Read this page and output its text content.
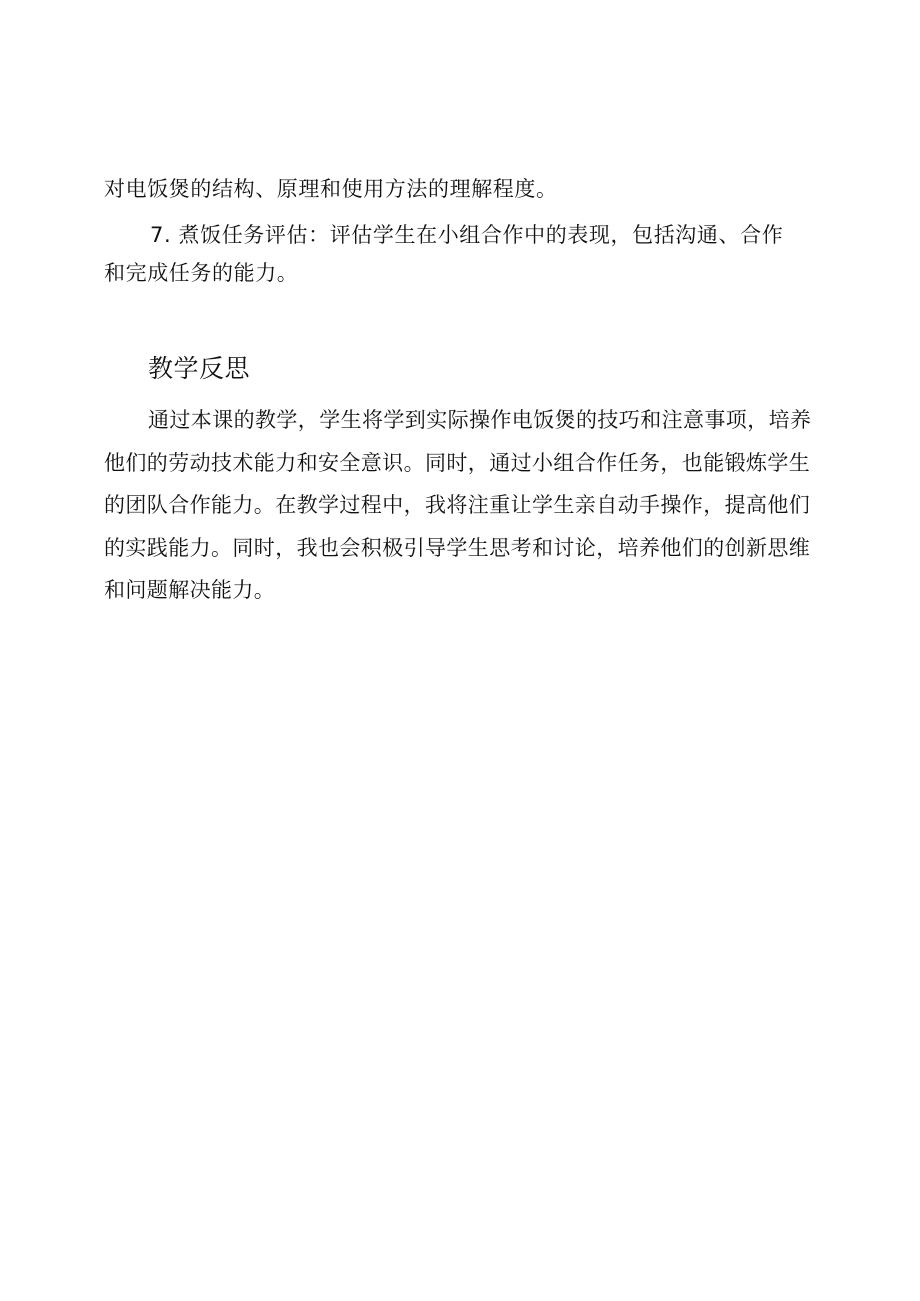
对电饭煲的结构、原理和使用方法的理解程度。

7. 煮饭任务评估：评估学生在小组合作中的表现，包括沟通、合作和完成任务的能力。

教学反思

通过本课的教学，学生将学到实际操作电饭煲的技巧和注意事项，培养他们的劳动技术能力和安全意识。同时，通过小组合作任务，也能锻炼学生的团队合作能力。在教学过程中，我将注重让学生亲自动手操作，提高他们的实践能力。同时，我也会积极引导学生思考和讨论，培养他们的创新思维和问题解决能力。
